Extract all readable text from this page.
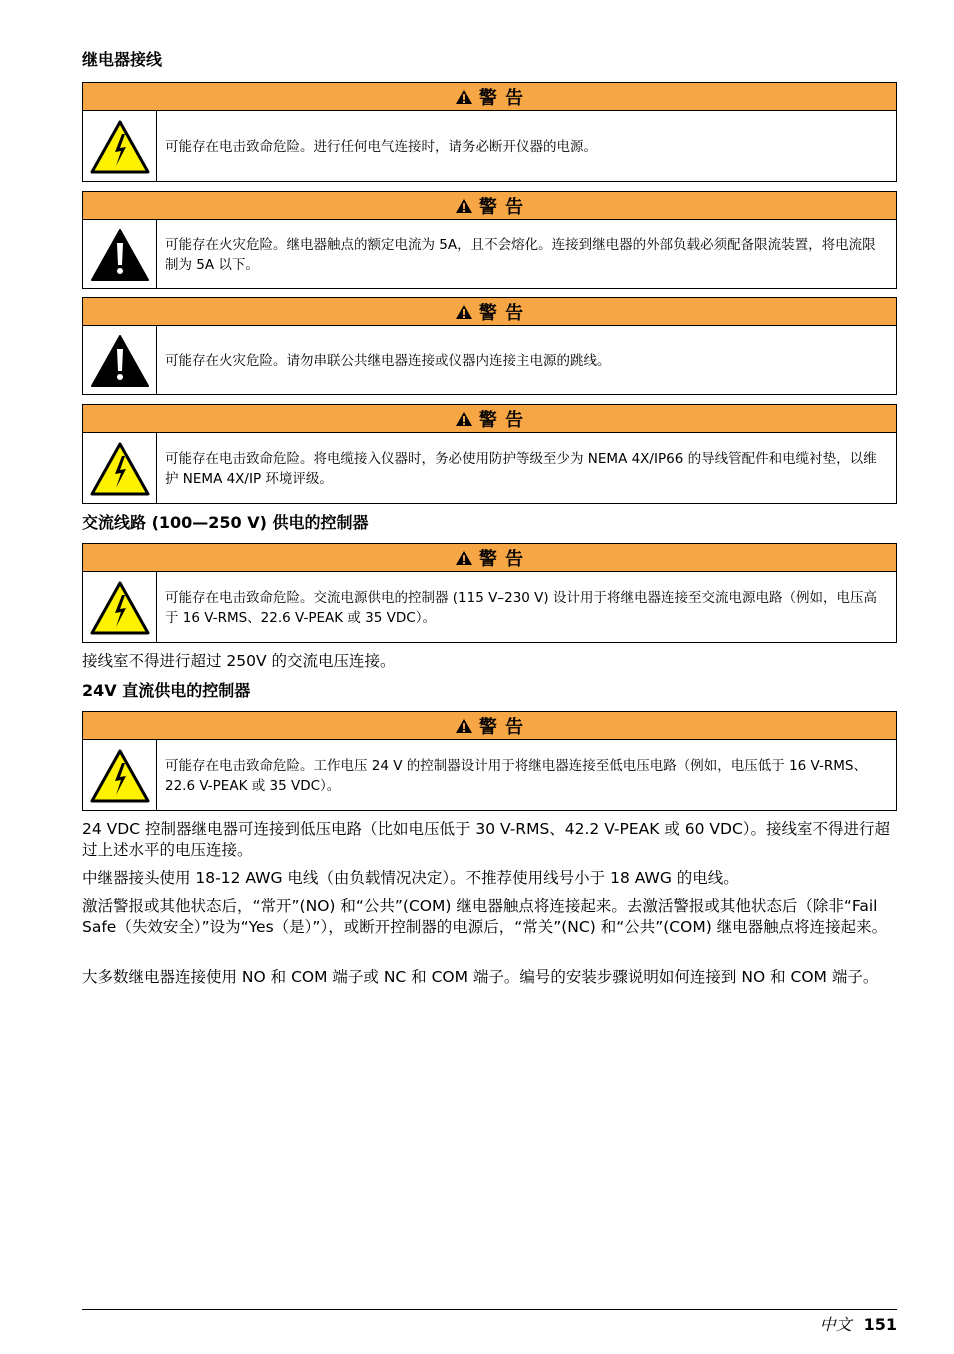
继电器接线
警 告
可能存在电击致命危险。进行任何电气连接时，请务必断开仪器的电源。
警 告
可能存在火灾危险。继电器触点的额定电流为 5A，且不会熔化。连接到继电器的外部负载必须配备限流装置，将电流限制为 5A 以下。
警 告
可能存在火灾危险。请勿串联公共继电器连接或仪器内连接主电源的跳线。
警 告
可能存在电击致命危险。将电缆接入仪器时，务必使用防护等级至少为 NEMA 4X/IP66 的导线管配件和电缆衬垫，以维护 NEMA 4X/IP 环境评级。
交流线路 (100—250 V) 供电的控制器
警 告
可能存在电击致命危险。交流电源供电的控制器 (115 V–230 V) 设计用于将继电器连接至交流电源电路（例如，电压高于 16 V-RMS、22.6 V-PEAK 或 35 VDC）。

接线室不得进行超过 250V 的交流电压连接。

24V 直流供电的控制器
警 告
可能存在电击致命危险。工作电压 24 V 的控制器设计用于将继电器连接至低电压电路（例如，电压低于 16 V-RMS、22.6 V-PEAK 或 35 VDC）。

24 VDC 控制器继电器可连接到低压电路（比如电压低于 30 V-RMS、42.2 V-PEAK 或 60 VDC）。接线室不得进行超过上述水平的电压连接。

中继器接头使用 18-12 AWG 电线（由负载情况决定）。不推荐使用线号小于 18 AWG 的电线。

激活警报或其他状态后，“常开”(NO) 和“公共”(COM) 继电器触点将连接起来。去激活警报或其他状态后（除非“Fail Safe（失效安全）”设为“Yes（是）”），或断开控制器的电源后，“常关”(NC) 和“公共”(COM) 继电器触点将连接起来。

大多数继电器连接使用 NO 和 COM 端子或 NC 和 COM 端子。编号的安装步骤说明如何连接到 NO 和 COM 端子。

中文 151
